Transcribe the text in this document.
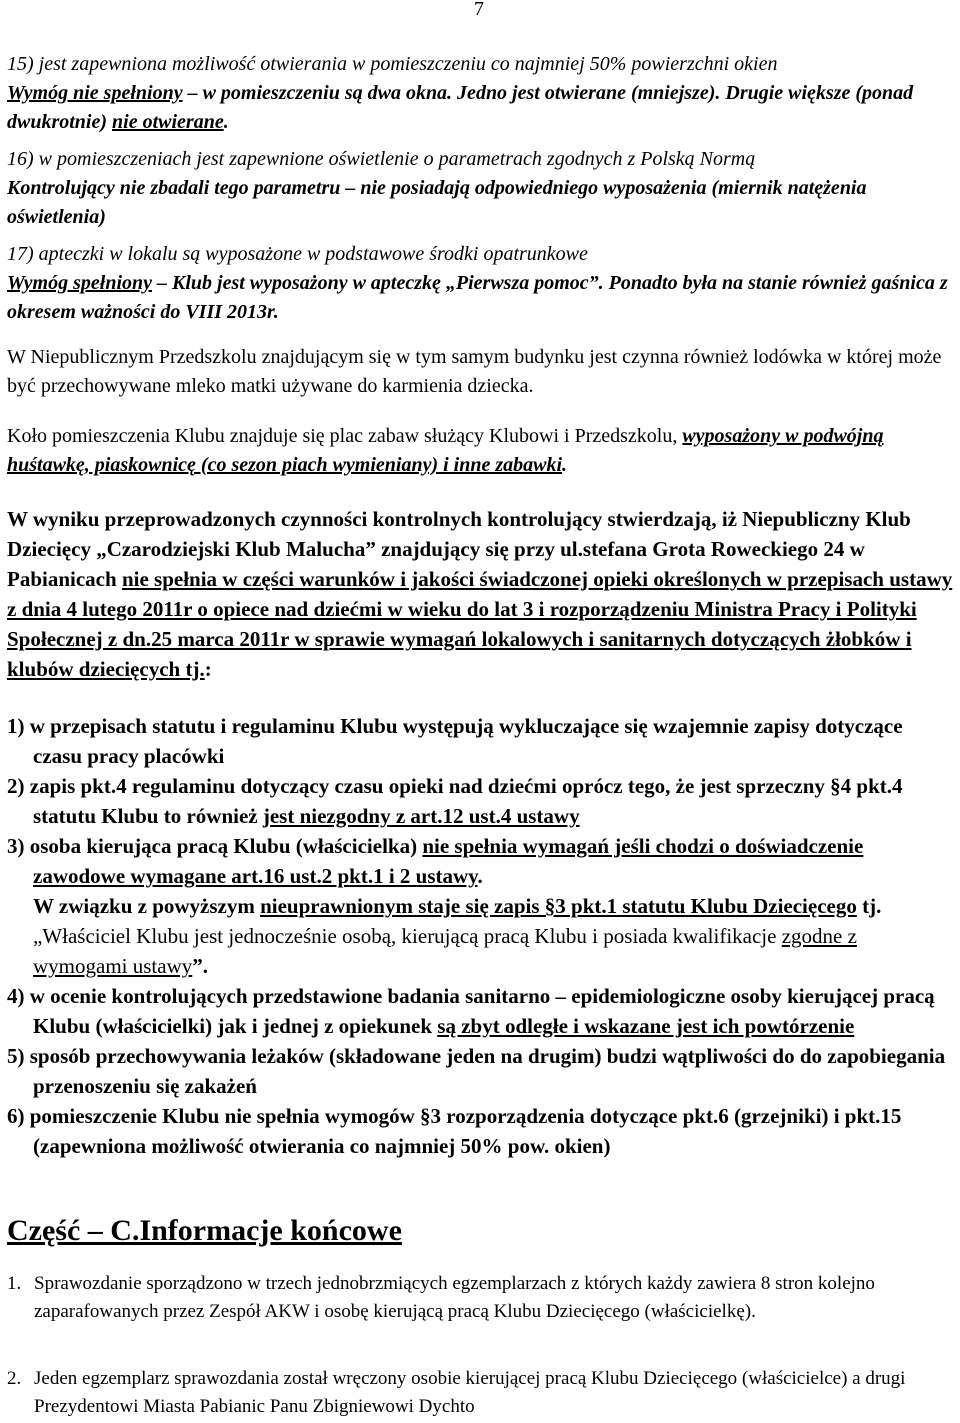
7

15) jest zapewniona możliwość otwierania w pomieszczeniu co najmniej 50% powierzchni okien
Wymóg nie spełniony – w pomieszczeniu są dwa okna. Jedno jest otwierane (mniejsze). Drugie większe (ponad dwukrotnie) nie otwierane.

16) w pomieszczeniach jest zapewnione oświetlenie o parametrach zgodnych z Polską Normą
Kontrolujący nie zbadali tego parametru – nie posiadają odpowiedniego wyposażenia (miernik natężenia oświetlenia)

17) apteczki w lokalu są wyposażone w podstawowe środki opatrunkowe
Wymóg spełniony – Klub jest wyposażony w apteczkę „Pierwsza pomoc”. Ponadto była na stanie również gaśnica z okresem ważności do VIII 2013r.

W Niepublicznym Przedszkolu znajdującym się w tym samym budynku jest czynna również lodówka w której może być przechowywane mleko matki używane do karmienia dziecka.

Koło pomieszczenia Klubu znajduje się plac zabaw służący Klubowi i Przedszkolu, wyposażony w podwójną huśtawkę, piaskownicę (co sezon piach wymieniany) i inne zabawki.

W wyniku przeprowadzonych czynności kontrolnych kontrolujący stwierdzają, iż Niepubliczny Klub Dziecięcy „Czarodziejski Klub Malucha” znajdujący się przy ul.stefana Grota Roweckiego 24 w Pabianicach nie spełnia w części warunków i jakości świadczonej opieki określonych w przepisach ustawy z dnia 4 lutego 2011r o opiece nad dziećmi w wieku do lat 3 i rozporządzeniu Ministra Pracy i Polityki Społecznej z dn.25 marca 2011r w sprawie wymagań lokalowych i sanitarnych dotyczących żłobków i klubów dziecięcych tj.:

1) w przepisach statutu i regulaminu Klubu występują wykluczające się wzajemnie zapisy dotyczące czasu pracy placówki
2) zapis pkt.4 regulaminu dotyczący czasu opieki nad dziećmi oprócz tego, że jest sprzeczny §4 pkt.4 statutu Klubu to również jest niezgodny z art.12 ust.4 ustawy
3) osoba kierująca pracą Klubu (właścicielka) nie spełnia wymagań jeśli chodzi o doświadczenie zawodowe wymagane art.16 ust.2 pkt.1 i 2 ustawy.
W związku z powyższym nieuprawnionym staje się zapis §3 pkt.1 statutu Klubu Dziecięcego tj. „Właściciel Klubu jest jednocześnie osobą, kierującą pracą Klubu i posiada kwalifikacje zgodne z wymogami ustawy”.
4) w ocenie kontrolujących przedstawione badania sanitarno – epidemiologiczne osoby kierującej pracą Klubu (właścicielki) jak i jednej z opiekunek są zbyt odległe i wskazane jest ich powtórzenie
5) sposób przechowywania leżaków (składowane jeden na drugim) budzi wątpliwości do do zapobiegania przenoszeniu się zakażeń
6) pomieszczenie Klubu nie spełnia wymogów §3 rozporządzenia dotyczące pkt.6 (grzejniki) i pkt.15 (zapewniona możliwość otwierania co najmniej 50% pow. okien)
Część – C.Informacje końcowe

1. Sprawozdanie sporządzono w trzech jednobrzmiących egzemplarzach z których każdy zawiera 8 stron kolejno zaparafowanych przez Zespół AKW i osobę kierującą pracą Klubu Dziecięcego (właścicielkę).

2. Jeden egzemplarz sprawozdania został wręczony osobie kierującej pracą Klubu Dziecięcego (właścicielce) a drugi Prezydentowi Miasta Pabianic Panu Zbigniewowi Dychto
